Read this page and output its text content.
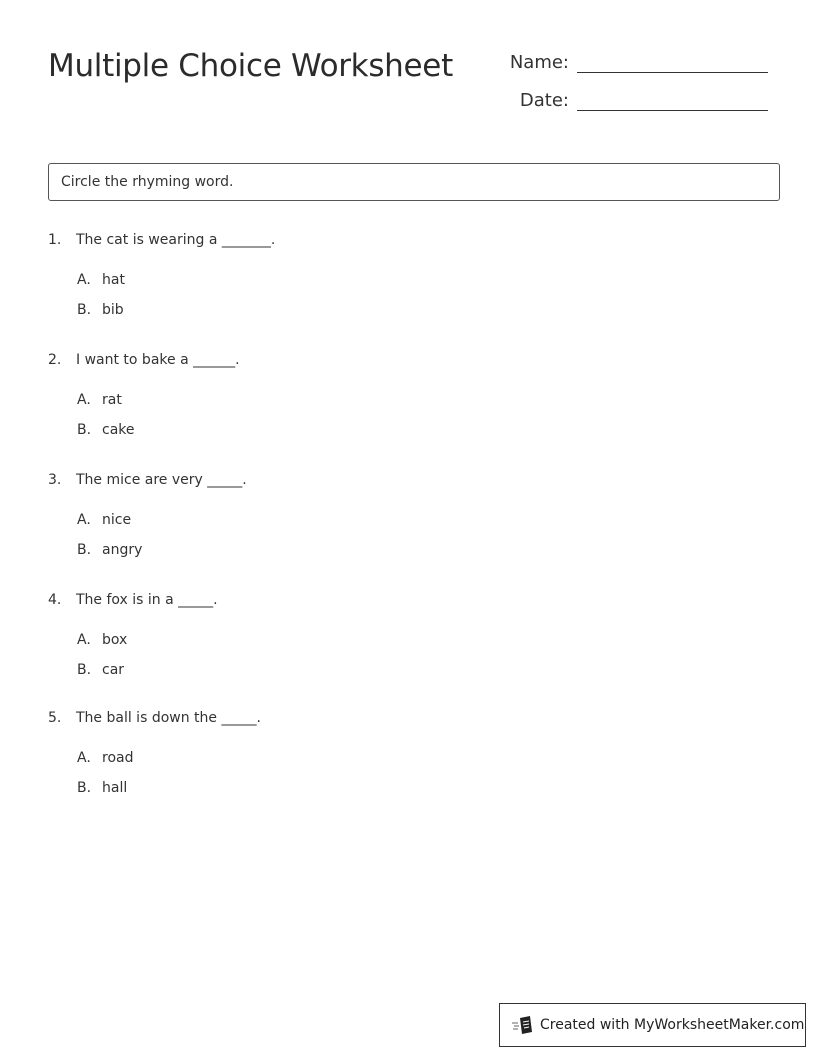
Multiple Choice Worksheet	Name:
Date:
Circle the rhyming word.
1. The cat is wearing a _______.
A. hat
B. bib
2. I want to bake a ______.
A. rat
B. cake
3. The mice are very _____.
A. nice
B. angry
4. The fox is in a _____.
A. box
B. car
5. The ball is down the _____.
A. road
B. hall
Created with MyWorksheetMaker.com
